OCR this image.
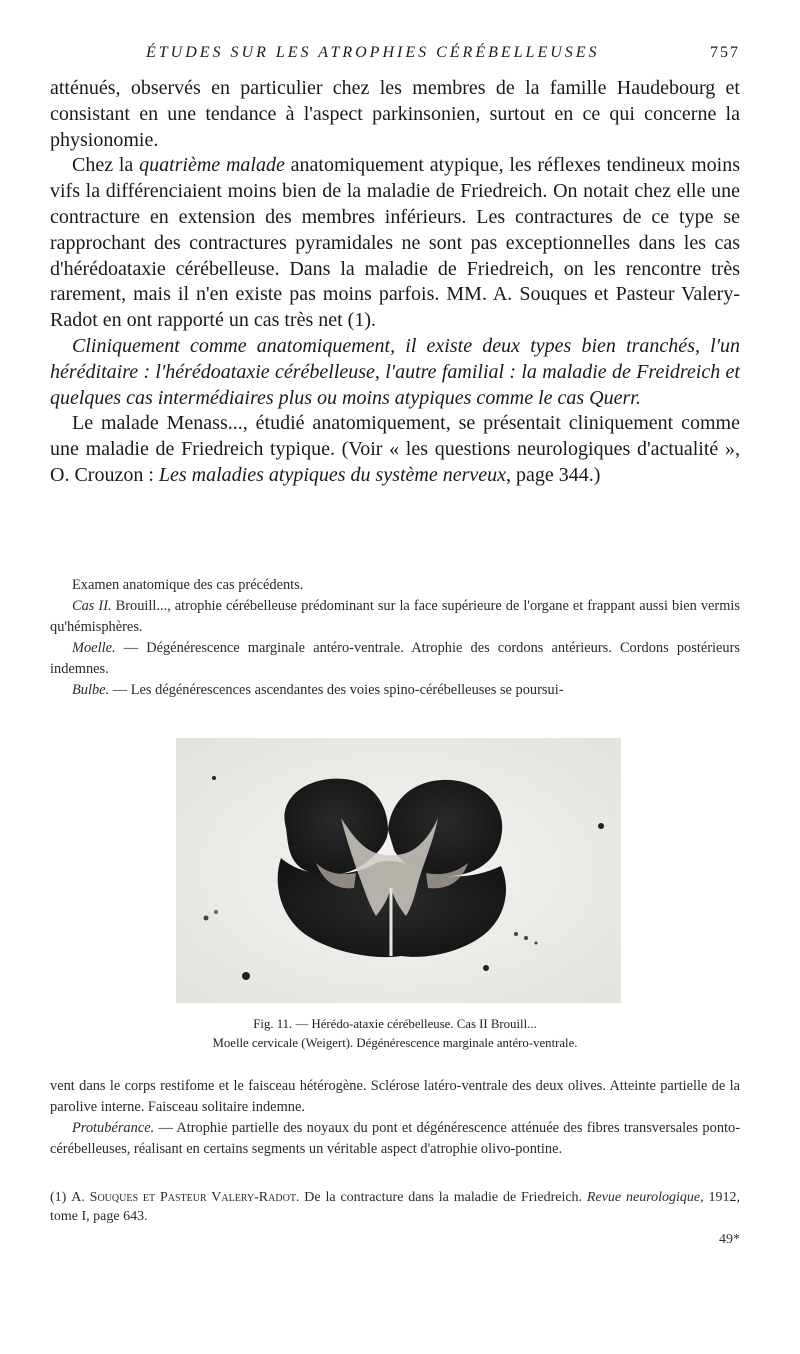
ÉTUDES SUR LES ATROPHIES CÉRÉBELLEUSES	757

atténués, observés en particulier chez les membres de la famille Haudebourg et consistant en une tendance à l'aspect parkinsonien, surtout en ce qui concerne la physionomie.

Chez la quatrième malade anatomiquement atypique, les réflexes tendineux moins vifs la différenciaient moins bien de la maladie de Friedreich. On notait chez elle une contracture en extension des membres inférieurs. Les contractures de ce type se rapprochant des contractures pyramidales ne sont pas exceptionnelles dans les cas d'hérédoataxie cérébelleuse. Dans la maladie de Friedreich, on les rencontre très rarement, mais il n'en existe pas moins parfois. MM. A. Souques et Pasteur Valery-Radot en ont rapporté un cas très net (1).

Cliniquement comme anatomiquement, il existe deux types bien tranchés, l'un héréditaire : l'hérédoataxie cérébelleuse, l'autre familial : la maladie de Freidreich et quelques cas intermédiaires plus ou moins atypiques comme le cas Querr.

Le malade Menass..., étudié anatomiquement, se présentait cliniquement comme une maladie de Friedreich typique. (Voir « les questions neurologiques d'actualité », O. Crouzon : Les maladies atypiques du système nerveux, page 344.)

Examen anatomique des cas précédents.

Cas II. Brouill..., atrophie cérébelleuse prédominant sur la face supérieure de l'organe et frappant aussi bien vermis qu'hémisphères.

Moelle. — Dégénérescence marginale antéro-ventrale. Atrophie des cordons antérieurs. Cordons postérieurs indemnes.

Bulbe. — Les dégénérescences ascendantes des voies spino-cérébelleuses se poursui-

Fig. 11. — Hérédo-ataxie cérébelleuse. Cas II Brouill...
Moelle cervicale (Weigert). Dégénérescence marginale antéro-ventrale.

vent dans le corps restifome et le faisceau hétérogène. Sclérose latéro-ventrale des deux olives. Atteinte partielle de la parolive interne. Faisceau solitaire indemne.

Protubérance. — Atrophie partielle des noyaux du pont et dégénérescence atténuée des fibres transversales ponto-cérébelleuses, réalisant en certains segments un véritable aspect d'atrophie olivo-pontine.

(1) A. Souques et Pasteur Valery-Radot. De la contracture dans la maladie de Friedreich. Revue neurologique, 1912, tome I, page 643.
49*
